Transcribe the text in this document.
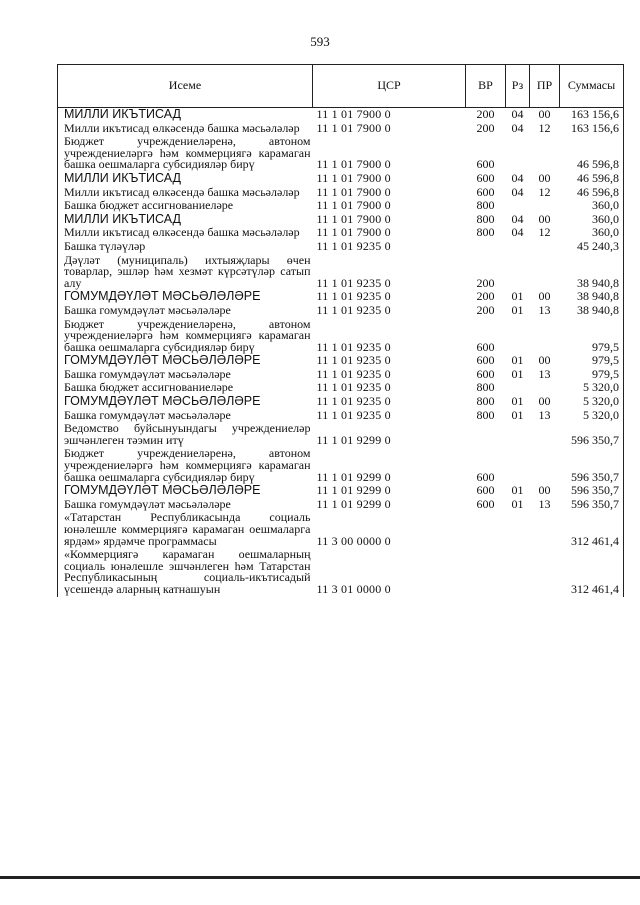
593
Исеме	ЦСР	ВР	Рз	ПР	Суммасы
МИЛЛИ ИКЪТИСАД	11 1 01 7900 0	200	04	00	163 156,6
Милли икътисад өлкәсендә башка мәсьәләләр	11 1 01 7900 0	200	04	12	163 156,6
Бюджет учреждениеләренә, автоном учреждениеләргә һәм коммерциягә карамаган башка оешмаларга субсидияләр бирү	11 1 01 7900 0	600			46 596,8
МИЛЛИ ИКЪТИСАД	11 1 01 7900 0	600	04	00	46 596,8
Милли икътисад өлкәсендә башка мәсьәләләр	11 1 01 7900 0	600	04	12	46 596,8
Башка бюджет ассигнованиеләре	11 1 01 7900 0	800			360,0
МИЛЛИ ИКЪТИСАД	11 1 01 7900 0	800	04	00	360,0
Милли икътисад өлкәсендә башка мәсьәләләр	11 1 01 7900 0	800	04	12	360,0
Башка түләүләр	11 1 01 9235 0				45 240,3
Дәүләт (муниципаль) ихтыяҗлары өчен товарлар, эшләр һәм хезмәт күрсәтүләр сатып алу	11 1 01 9235 0	200			38 940,8
ГОМУМДӘҮЛӘТ МӘСЬӘЛӘЛӘРЕ	11 1 01 9235 0	200	01	00	38 940,8
Башка гомумдәүләт мәсьәләләре	11 1 01 9235 0	200	01	13	38 940,8
Бюджет учреждениеләренә, автоном учреждениеләргә һәм коммерциягә карамаган башка оешмаларга субсидияләр бирү	11 1 01 9235 0	600			979,5
ГОМУМДӘҮЛӘТ МӘСЬӘЛӘЛӘРЕ	11 1 01 9235 0	600	01	00	979,5
Башка гомумдәүләт мәсьәләләре	11 1 01 9235 0	600	01	13	979,5
Башка бюджет ассигнованиеләре	11 1 01 9235 0	800			5 320,0
ГОМУМДӘҮЛӘТ МӘСЬӘЛӘЛӘРЕ	11 1 01 9235 0	800	01	00	5 320,0
Башка гомумдәүләт мәсьәләләре	11 1 01 9235 0	800	01	13	5 320,0
Ведомство буйсынуындагы учреждениеләр эшчәнлеген тәэмин итү	11 1 01 9299 0				596 350,7
Бюджет учреждениеләренә, автоном учреждениеләргә һәм коммерциягә карамаган башка оешмаларга субсидияләр бирү	11 1 01 9299 0	600			596 350,7
ГОМУМДӘҮЛӘТ МӘСЬӘЛӘЛӘРЕ	11 1 01 9299 0	600	01	00	596 350,7
Башка гомумдәүләт мәсьәләләре	11 1 01 9299 0	600	01	13	596 350,7
«Татарстан Республикасында социаль юнәлешле коммерциягә карамаган оешмаларга ярдәм» ярдәмче программасы	11 3 00 0000 0				312 461,4
«Коммерциягә карамаган оешмаларның социаль юнәлешле эшчәнлеген һәм Татарстан Республикасының социаль-икътисадый үсешендә аларның катнашуын	11 3 01 0000 0				312 461,4
